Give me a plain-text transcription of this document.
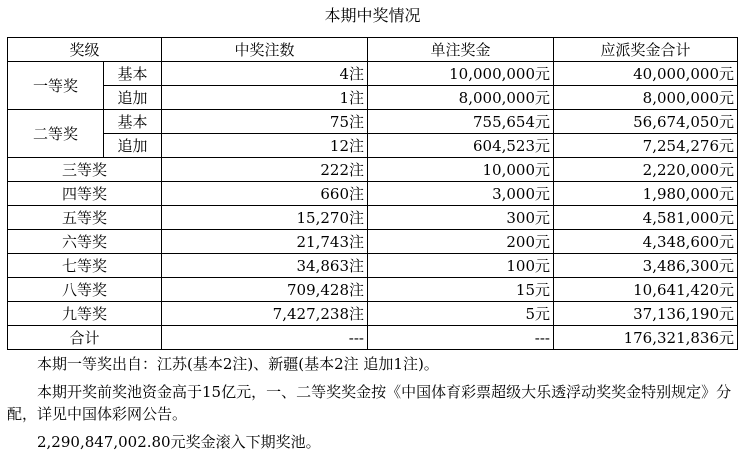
本期中奖情况
奖级		中奖注数	单注奖金	应派奖金合计
一等奖	基本	4注	10,000,000元	40,000,000元
	追加	1注	8,000,000元	8,000,000元
二等奖	基本	75注	755,654元	56,674,050元
	追加	12注	604,523元	7,254,276元
三等奖		222注	10,000元	2,220,000元
四等奖		660注	3,000元	1,980,000元
五等奖		15,270注	300元	4,581,000元
六等奖		21,743注	200元	4,348,600元
七等奖		34,863注	100元	3,486,300元
八等奖		709,428注	15元	10,641,420元
九等奖		7,427,238注	5元	37,136,190元
合计		---	---	176,321,836元

本期一等奖出自：江苏(基本2注)、新疆(基本2注 追加1注)。

本期开奖前奖池资金高于15亿元，一、二等奖奖金按《中国体育彩票超级大乐透浮动奖奖金特别规定》分配，详见中国体彩网公告。

2,290,847,002.80元奖金滚入下期奖池。
